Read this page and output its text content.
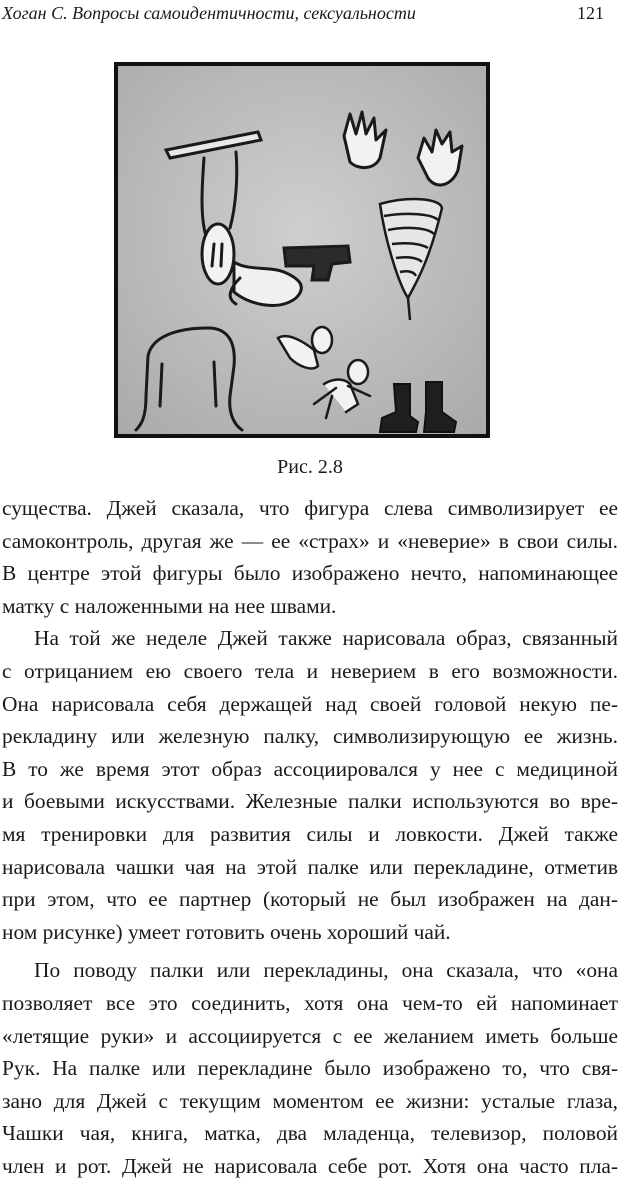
Хоган С. Вопросы самоидентичности, сексуальности	121
Рис. 2.8
существа. Джей сказала, что фигура слева символизирует ее
самоконтроль, другая же — ее «страх» и «неверие» в свои силы.
В центре этой фигуры было изображено нечто, напоминающее
матку с наложенными на нее швами.
На той же неделе Джей также нарисовала образ, связанный
с отрицанием ею своего тела и неверием в его возможности.
Она нарисовала себя держащей над своей головой некую пе-
рекладину или железную палку, символизирующую ее жизнь.
В то же время этот образ ассоциировался у нее с медициной
и боевыми искусствами. Железные палки используются во вре-
мя тренировки для развития силы и ловкости. Джей также
нарисовала чашки чая на этой палке или перекладине, отметив
при этом, что ее партнер (который не был изображен на дан-
ном рисунке) умеет готовить очень хороший чай.
По поводу палки или перекладины, она сказала, что «она
позволяет все это соединить, хотя она чем-то ей напоминает
«летящие руки» и ассоциируется с ее желанием иметь больше
Рук. На палке или перекладине было изображено то, что свя-
зано для Джей с текущим моментом ее жизни: усталые глаза,
Чашки чая, книга, матка, два младенца, телевизор, половой
член и рот. Джей не нарисовала себе рот. Хотя она часто пла-
